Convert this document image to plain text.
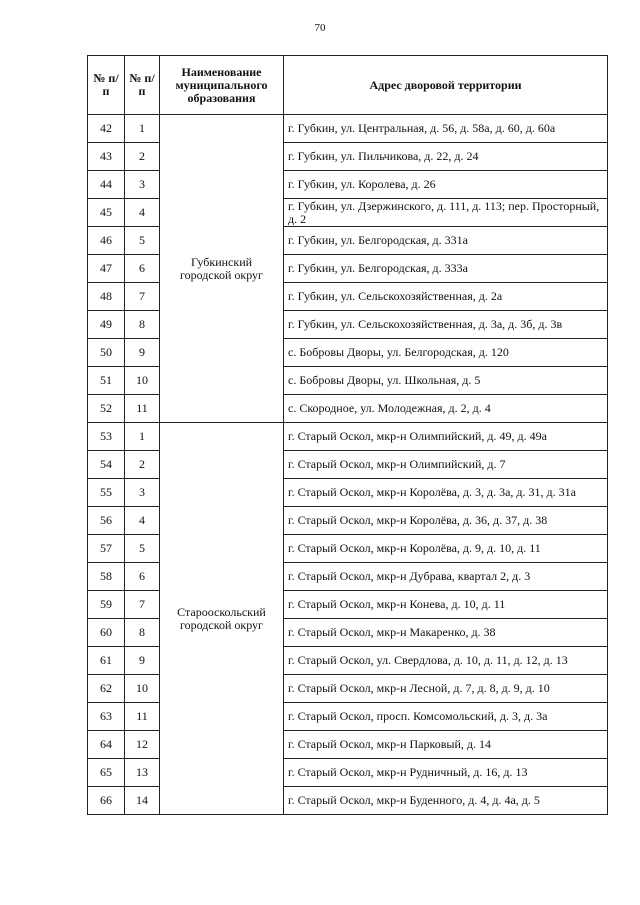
70
№ п/п	№ п/п	Наименование муниципального образования	Адрес дворовой территории
42	1	Губкинский городской округ	г. Губкин, ул. Центральная, д. 56, д. 58а, д. 60, д. 60а
43	2		г. Губкин, ул. Пильчикова, д. 22, д. 24
44	3		г. Губкин, ул. Королева, д. 26
45	4		г. Губкин, ул. Дзержинского, д. 111, д. 113; пер. Просторный, д. 2
46	5		г. Губкин, ул. Белгородская, д. 331а
47	6		г. Губкин, ул. Белгородская, д. 333а
48	7		г. Губкин, ул. Сельскохозяйственная, д. 2а
49	8		г. Губкин, ул. Сельскохозяйственная, д. 3а, д. 3б, д. 3в
50	9		с. Бобровы Дворы, ул. Белгородская, д. 120
51	10		с. Бобровы Дворы, ул. Школьная, д. 5
52	11		с. Скородное, ул. Молодежная, д. 2, д. 4
53	1	Старооскольский городской округ	г. Старый Оскол, мкр-н Олимпийский, д. 49, д. 49а
54	2		г. Старый Оскол, мкр-н Олимпийский, д. 7
55	3		г. Старый Оскол, мкр-н Королёва, д. 3, д. 3а, д. 31, д. 31а
56	4		г. Старый Оскол, мкр-н Королёва, д. 36, д. 37, д. 38
57	5		г. Старый Оскол, мкр-н Королёва, д. 9, д. 10, д. 11
58	6		г. Старый Оскол, мкр-н Дубрава, квартал 2, д. 3
59	7		г. Старый Оскол, мкр-н Конева, д. 10, д. 11
60	8		г. Старый Оскол, мкр-н Макаренко, д. 38
61	9		г. Старый Оскол, ул. Свердлова, д. 10, д. 11, д. 12, д. 13
62	10		г. Старый Оскол, мкр-н Лесной, д. 7, д. 8, д. 9, д. 10
63	11		г. Старый Оскол, просп. Комсомольский, д. 3, д. 3а
64	12		г. Старый Оскол, мкр-н Парковый, д. 14
65	13		г. Старый Оскол, мкр-н Рудничный, д. 16, д. 13
66	14		г. Старый Оскол, мкр-н Буденного, д. 4, д. 4а, д. 5
